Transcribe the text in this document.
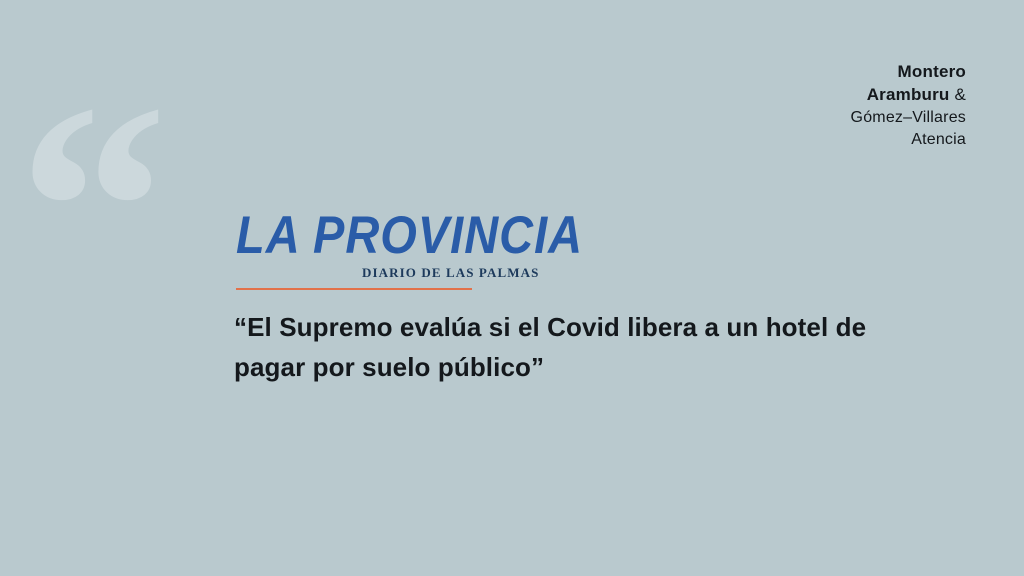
“	Montero
Aramburu &
Gómez–Villares
Atencia
LA PROVINCIA
DIARIO DE LAS PALMAS
“El Supremo evalúa si el Covid libera a un hotel de pagar por suelo público”
